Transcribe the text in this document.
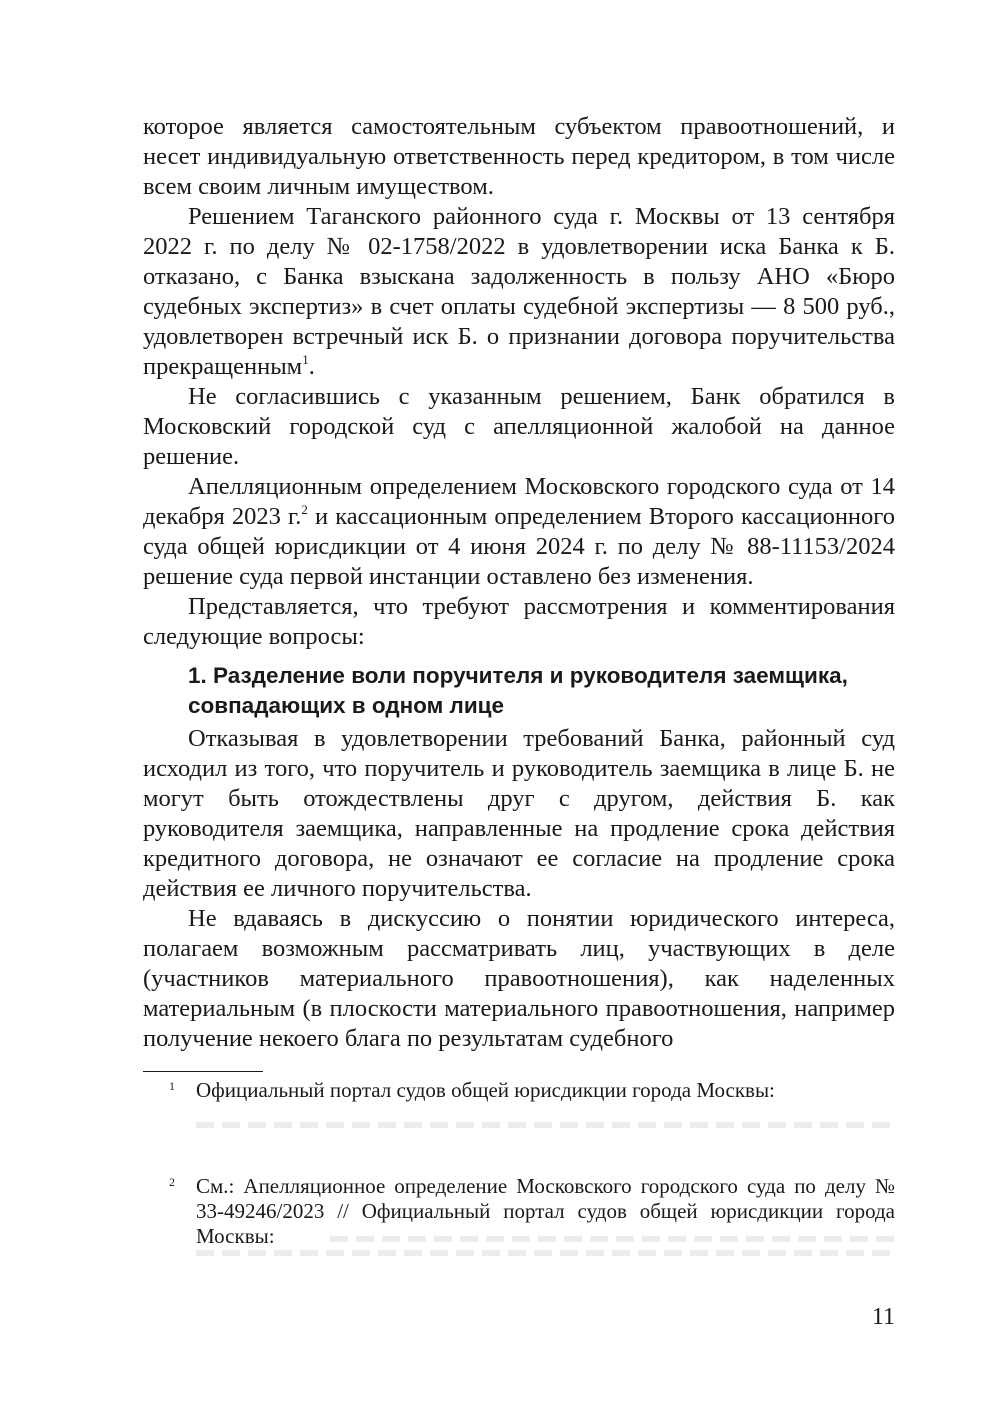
которое является самостоятельным субъектом правоотношений, и несет индивидуальную ответственность перед кредитором, в том числе всем своим личным имуществом.

Решением Таганского районного суда г. Москвы от 13 сентября 2022 г. по делу № 02-1758/2022 в удовлетворении иска Банка к Б. отказано, с Банка взыскана задолженность в пользу АНО «Бюро судебных экспертиз» в счет оплаты судебной экспертизы — 8 500 руб., удовлетворен встречный иск Б. о признании договора поручительства прекращенным$^1$.

Не согласившись с указанным решением, Банк обратился в Московский городской суд с апелляционной жалобой на данное решение.

Апелляционным определением Московского городского суда от 14 декабря 2023 г.$^2$ и кассационным определением Второго кассационного суда общей юрисдикции от 4 июня 2024 г. по делу № 88-11153/2024 решение суда первой инстанции оставлено без изменения.

Представляется, что требуют рассмотрения и комментирования следующие вопросы:

1. Разделение воли поручителя и руководителя заемщика, совпадающих в одном лице

Отказывая в удовлетворении требований Банка, районный суд исходил из того, что поручитель и руководитель заемщика в лице Б. не могут быть отождествлены друг с другом, действия Б. как руководителя заемщика, направленные на продление срока действия кредитного договора, не означают ее согласие на продление срока действия ее личного поручительства.

Не вдаваясь в дискуссию о понятии юридического интереса, полагаем возможным рассматривать лиц, участвующих в деле (участников материального правоотношения), как наделенных материальным (в плоскости материального правоотношения, например получение некоего блага по результатам судебного

1 Официальный портал судов общей юрисдикции города Москвы:
2 См.: Апелляционное определение Московского городского суда по делу № 33-49246/2023 // Официальный портал судов общей юрисдикции города Москвы:
11
